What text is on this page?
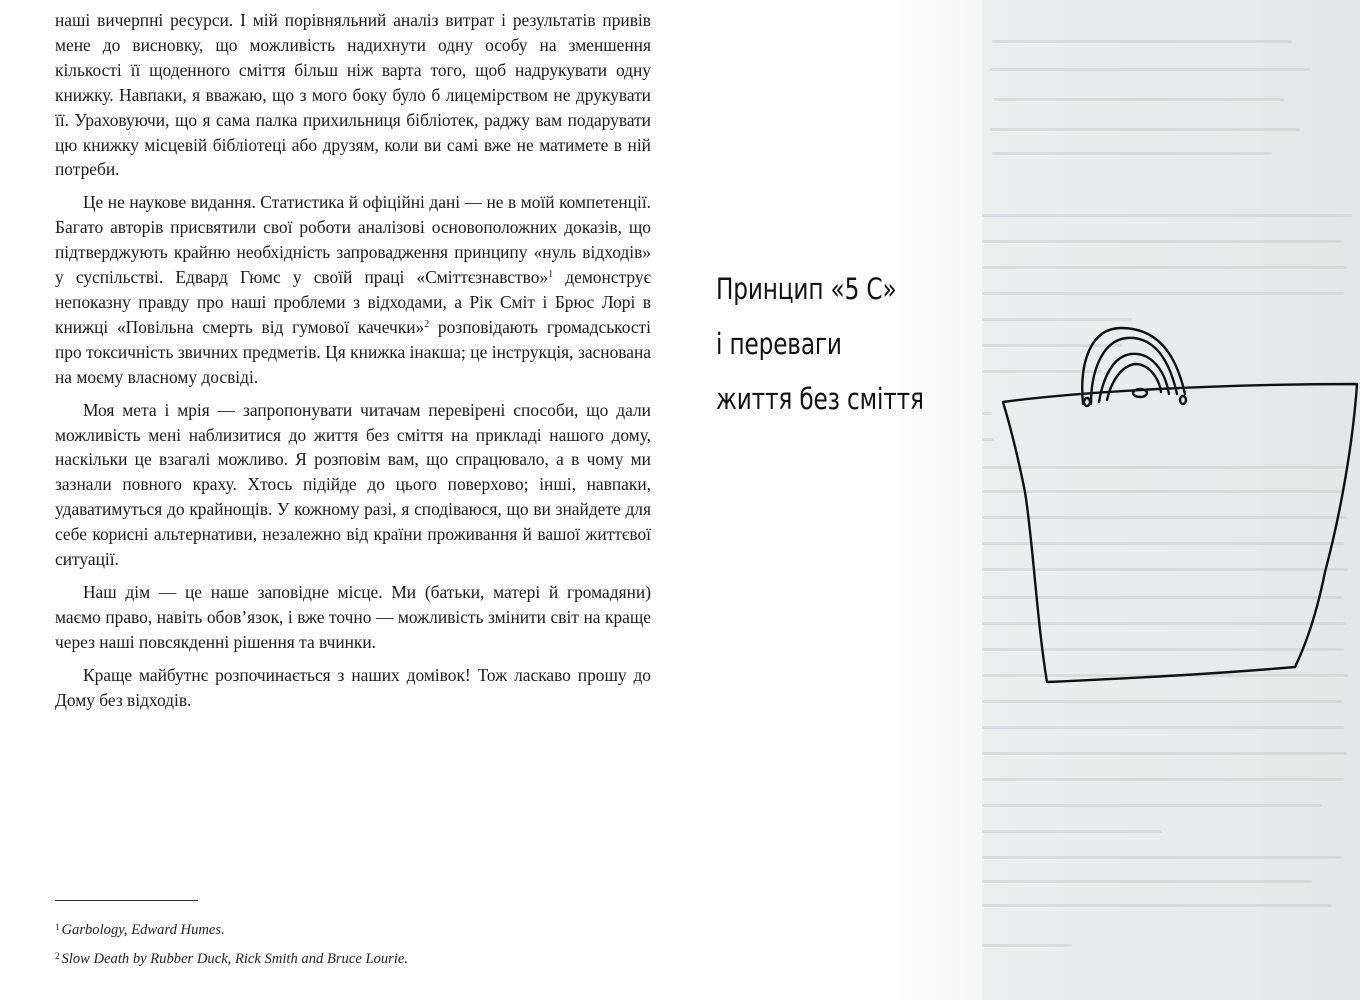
наші вичерпні ресурси. І мій порівняльний аналіз витрат і результатів привів мене до висновку, що можливість надихнути одну особу на зменшення кількості її щоденного сміття більш ніж варта того, щоб надрукувати одну книжку. Навпаки, я вважаю, що з мого боку було б лицемірством не друкувати її. Ураховуючи, що я сама палка прихильниця бібліотек, раджу вам подарувати цю книжку місцевій бібліотеці або друзям, коли ви самі вже не матимете в ній потреби.

Це не наукове видання. Статистика й офіційні дані — не в моїй компетенції. Багато авторів присвятили свої роботи аналізові основоположних доказів, що підтверджують крайню необхідність запровадження принципу «нуль відходів» у суспільстві. Едвард Гюмс у своїй праці «Сміттєзнавство»$^1$ демонструє непоказну правду про наші проблеми з відходами, а Рік Сміт і Брюс Лорі в книжці «Повільна смерть від гумової качечки»$^2$ розповідають громадськості про токсичність звичних предметів. Ця книжка інакша; це інструкція, заснована на моєму власному досвіді.

Моя мета і мрія — запропонувати читачам перевірені способи, що дали можливість мені наблизитися до життя без сміття на прикладі нашого дому, наскільки це взагалі можливо. Я розповім вам, що спрацювало, а в чому ми зазнали повного краху. Хтось підійде до цього поверхово; інші, навпаки, удаватимуться до крайнощів. У кожному разі, я сподіваюся, що ви знайдете для себе корисні альтернативи, незалежно від країни проживання й вашої життєвої ситуації.

Наш дім — це наше заповідне місце. Ми (батьки, матері й громадяни) маємо право, навіть обов’язок, і вже точно — можливість змінити світ на краще через наші повсякденні рішення та вчинки.

Краще майбутнє розпочинається з наших домівок! Тож ласкаво прошу до Дому без відходів.

$^1$ Garbology, Edward Humes.
$^2$ Slow Death by Rubber Duck, Rick Smith and Bruce Lourie.
Принцип «5 С»
і переваги
життя без сміття
